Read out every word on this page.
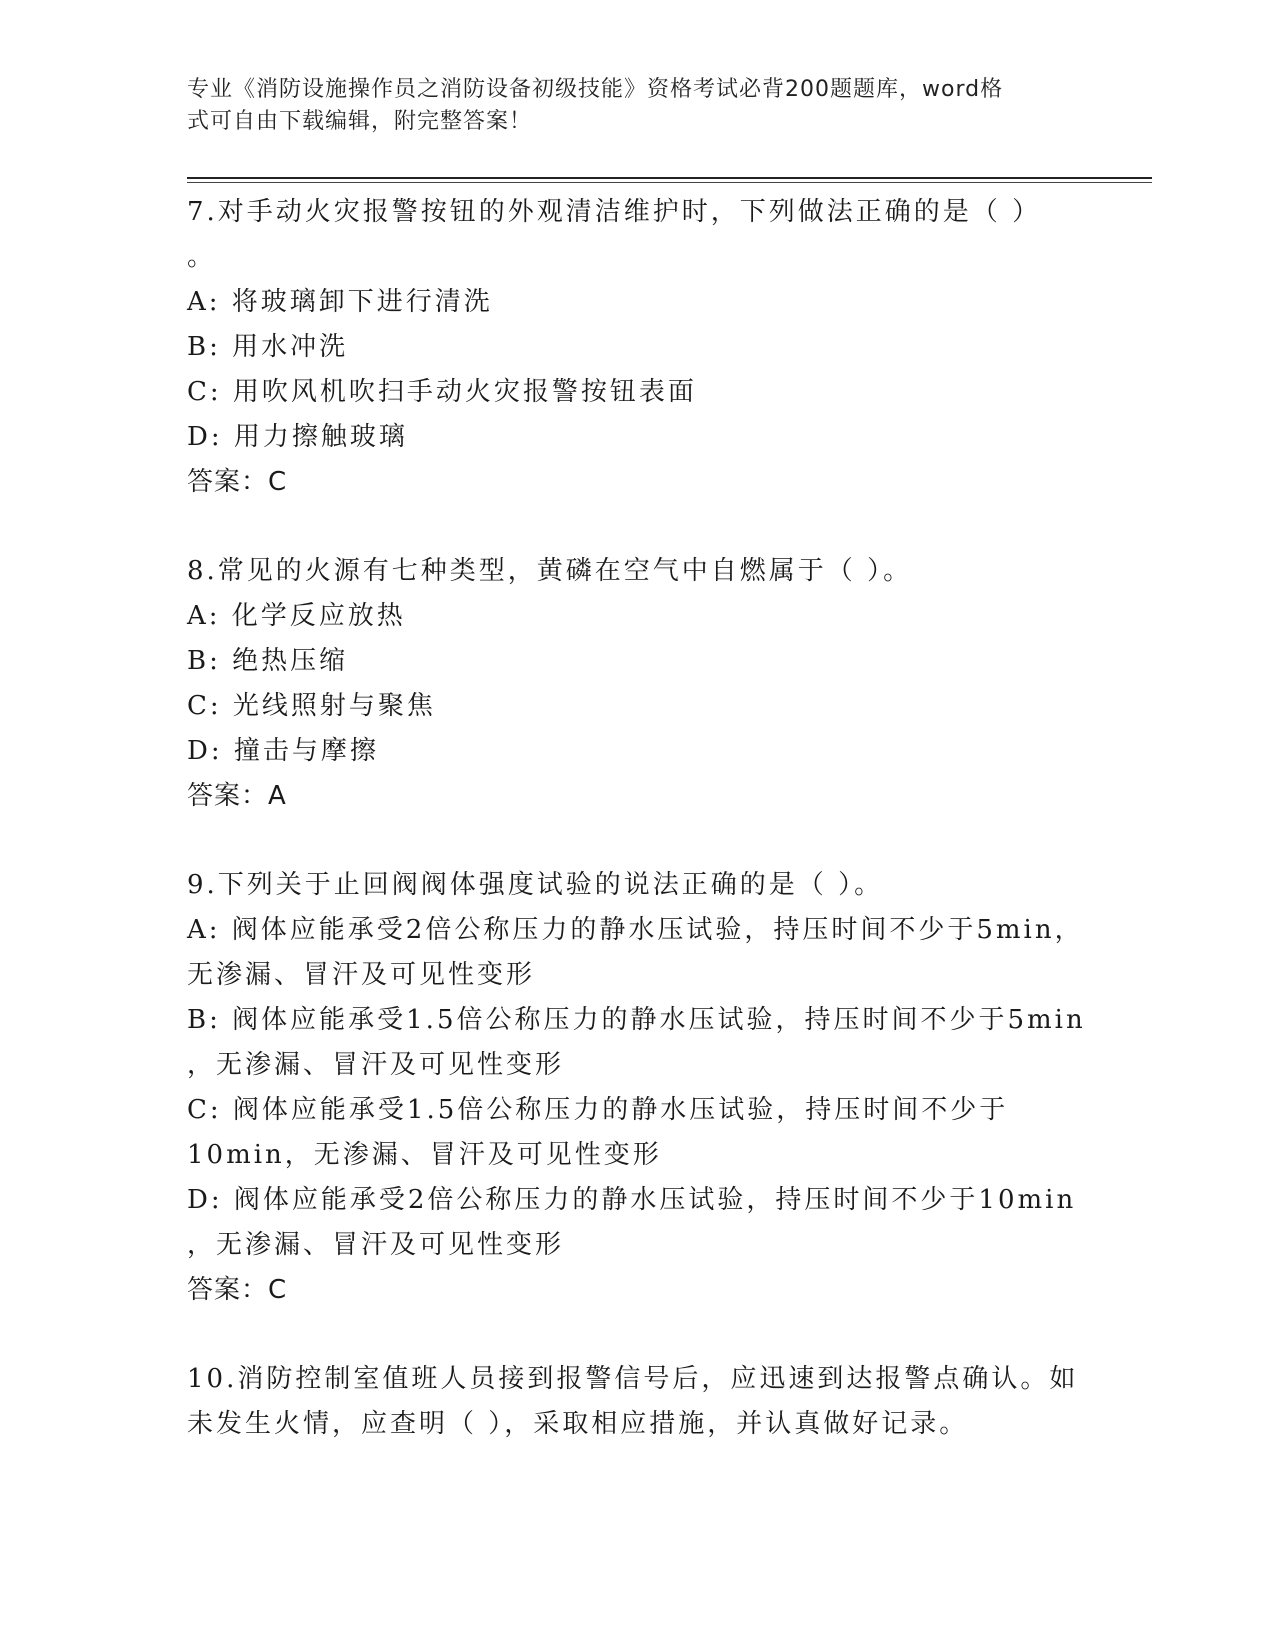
专业《消防设施操作员之消防设备初级技能》资格考试必背200题题库，word格
式可自由下载编辑，附完整答案！
7.对手动火灾报警按钮的外观清洁维护时，下列做法正确的是（ ）
。
A: 将玻璃卸下进行清洗
B: 用水冲洗
C: 用吹风机吹扫手动火灾报警按钮表面
D: 用力擦触玻璃
答案：C
8.常见的火源有七种类型，黄磷在空气中自燃属于（ ）。
A: 化学反应放热
B: 绝热压缩
C: 光线照射与聚焦
D: 撞击与摩擦
答案：A
9.下列关于止回阀阀体强度试验的说法正确的是（ ）。
A: 阀体应能承受2倍公称压力的静水压试验，持压时间不少于5min，
无渗漏、冒汗及可见性变形
B: 阀体应能承受1.5倍公称压力的静水压试验，持压时间不少于5min
，无渗漏、冒汗及可见性变形
C: 阀体应能承受1.5倍公称压力的静水压试验，持压时间不少于
10min，无渗漏、冒汗及可见性变形
D: 阀体应能承受2倍公称压力的静水压试验，持压时间不少于10min
，无渗漏、冒汗及可见性变形
答案：C
10.消防控制室值班人员接到报警信号后，应迅速到达报警点确认。如
未发生火情，应查明（ ），采取相应措施，并认真做好记录。
